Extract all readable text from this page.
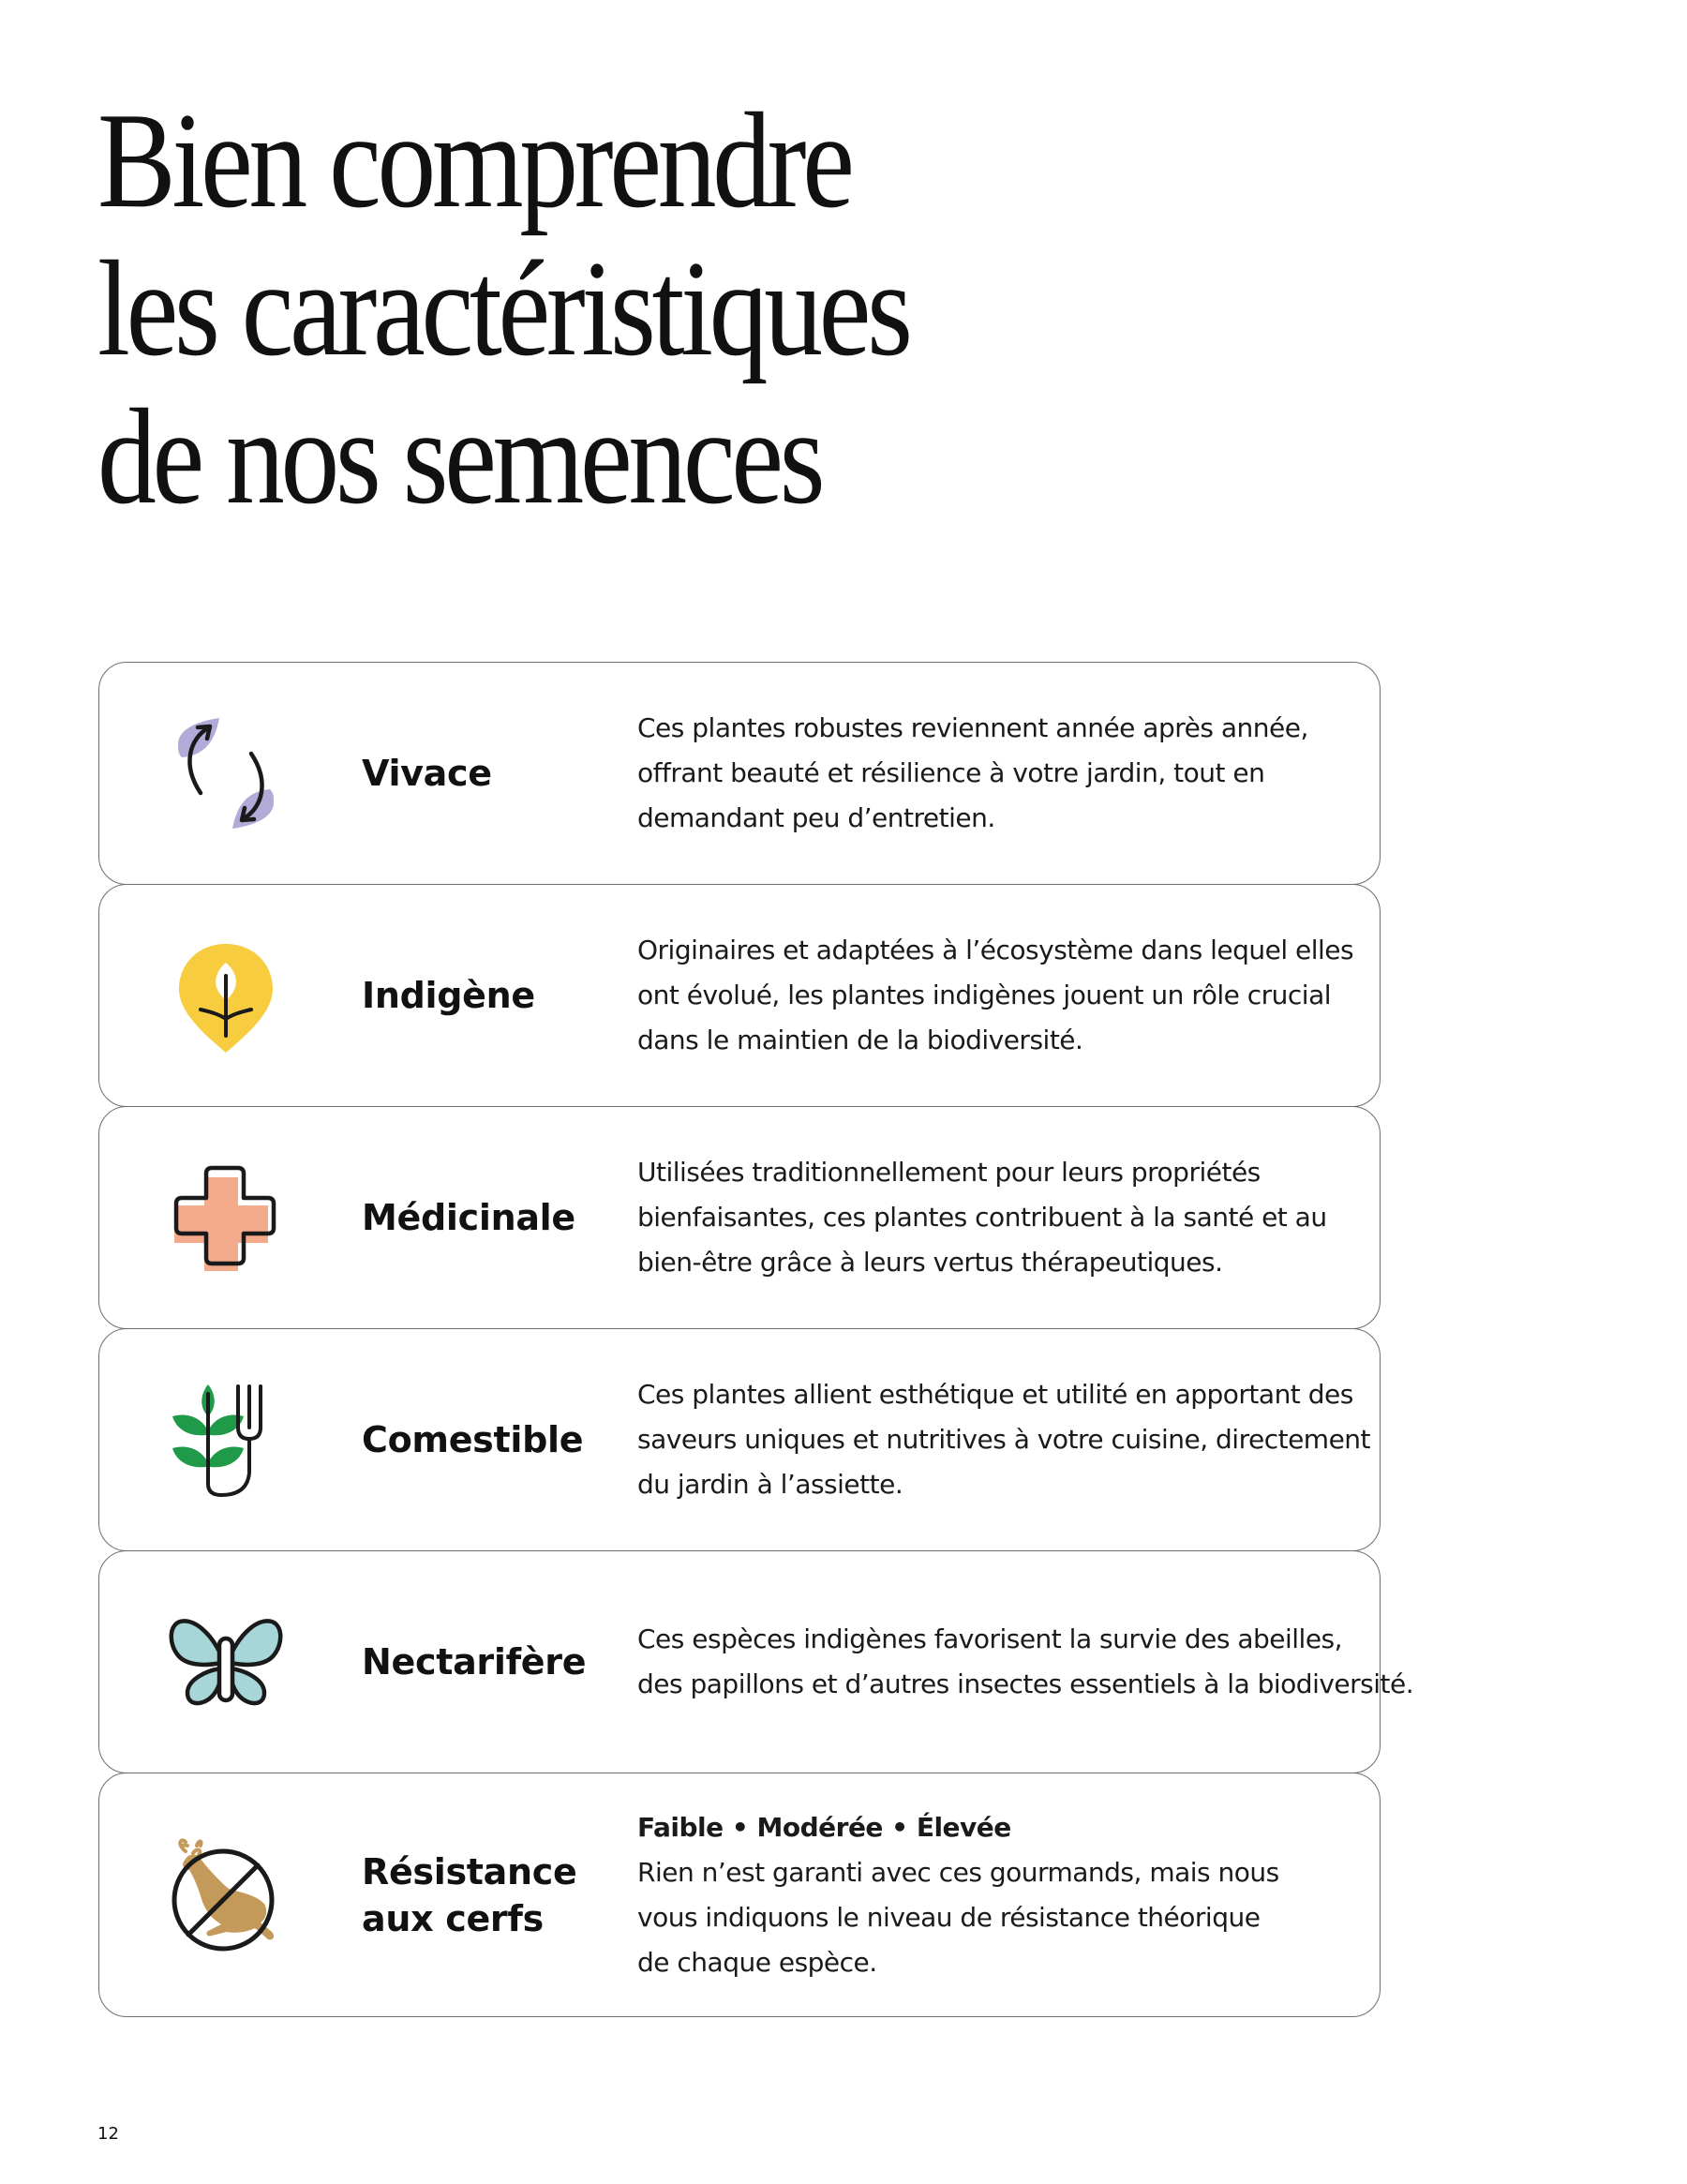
Bien comprendre
les caractéristiques
de nos semences
Vivace
Ces plantes robustes reviennent année après année,
offrant beauté et résilience à votre jardin, tout en
demandant peu d’entretien.
Indigène
Originaires et adaptées à l’écosystème dans lequel elles
ont évolué, les plantes indigènes jouent un rôle crucial
dans le maintien de la biodiversité.
Médicinale
Utilisées traditionnellement pour leurs propriétés
bienfaisantes, ces plantes contribuent à la santé et au
bien-être grâce à leurs vertus thérapeutiques.
Comestible
Ces plantes allient esthétique et utilité en apportant des
saveurs uniques et nutritives à votre cuisine, directement
du jardin à l’assiette.
Nectarifère
Ces espèces indigènes favorisent la survie des abeilles,
des papillons et d’autres insectes essentiels à la biodiversité.
Résistance
aux cerfs
Faible • Modérée • Élevée
Rien n’est garanti avec ces gourmands, mais nous
vous indiquons le niveau de résistance théorique
de chaque espèce.
12
